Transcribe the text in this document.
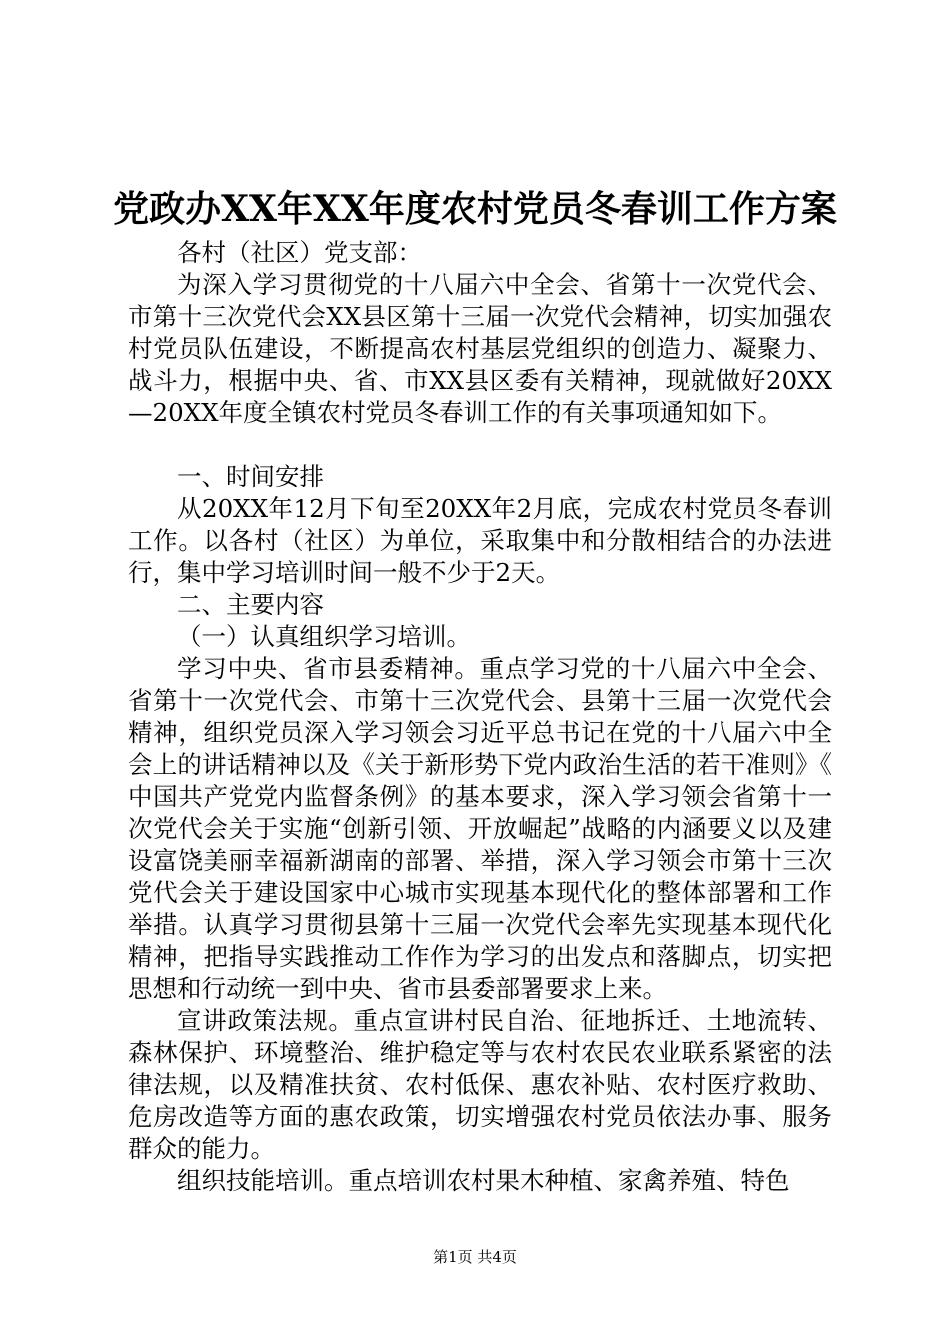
党政办XX年XX年度农村党员冬春训工作方案

各村（社区）党支部：

为深入学习贯彻党的十八届六中全会、省第十一次党代会、市第十三次党代会XX县区第十三届一次党代会精神，切实加强农村党员队伍建设，不断提高农村基层党组织的创造力、凝聚力、战斗力，根据中央、省、市XX县区委有关精神，现就做好20XX—20XX年度全镇农村党员冬春训工作的有关事项通知如下。

一、时间安排

从20XX年12月下旬至20XX年2月底，完成农村党员冬春训工作。以各村（社区）为单位，采取集中和分散相结合的办法进行，集中学习培训时间一般不少于2天。

二、主要内容

（一）认真组织学习培训。

学习中央、省市县委精神。重点学习党的十八届六中全会、省第十一次党代会、市第十三次党代会、县第十三届一次党代会精神，组织党员深入学习领会习近平总书记在党的十八届六中全会上的讲话精神以及《关于新形势下党内政治生活的若干准则》《中国共产党党内监督条例》的基本要求，深入学习领会省第十一次党代会关于实施“创新引领、开放崛起”战略的内涵要义以及建设富饶美丽幸福新湖南的部署、举措，深入学习领会市第十三次党代会关于建设国家中心城市实现基本现代化的整体部署和工作举措。认真学习贯彻县第十三届一次党代会率先实现基本现代化精神，把指导实践推动工作作为学习的出发点和落脚点，切实把思想和行动统一到中央、省市县委部署要求上来。

宣讲政策法规。重点宣讲村民自治、征地拆迁、土地流转、森林保护、环境整治、维护稳定等与农村农民农业联系紧密的法律法规，以及精准扶贫、农村低保、惠农补贴、农村医疗救助、危房改造等方面的惠农政策，切实增强农村党员依法办事、服务群众的能力。

组织技能培训。重点培训农村果木种植、家禽养殖、特色

第1页 共4页
